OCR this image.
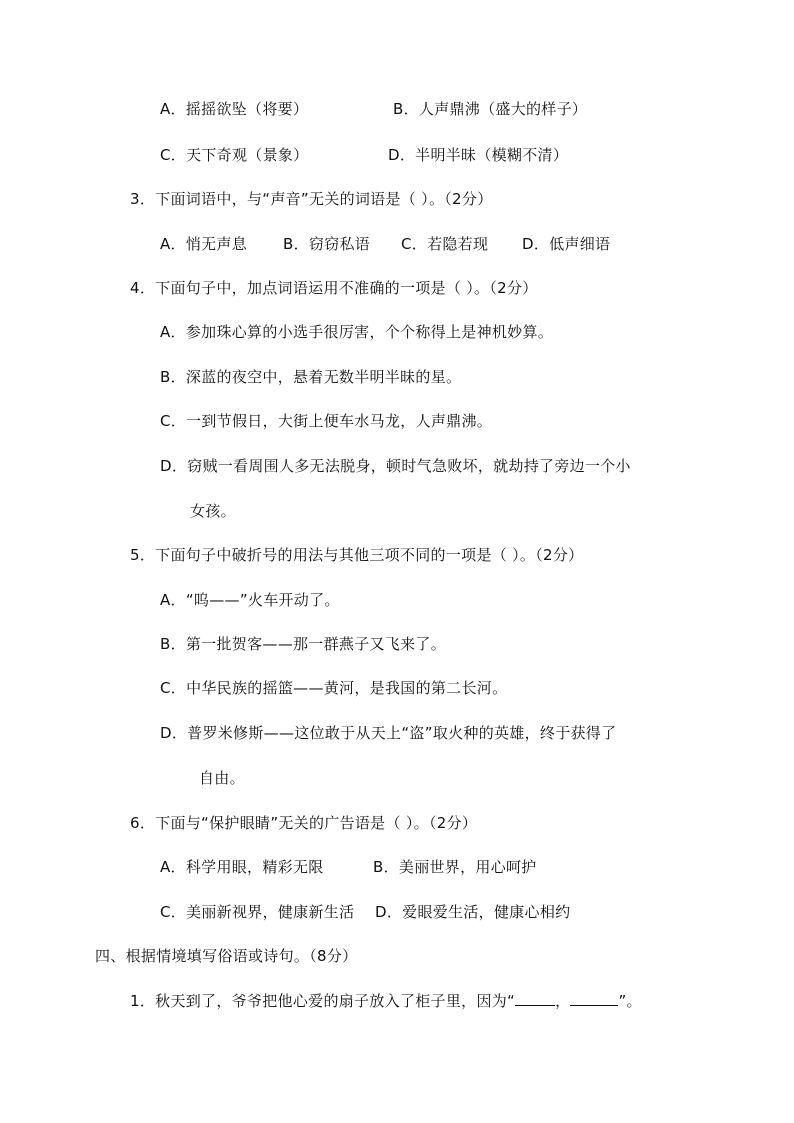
A．摇摇欲坠（将要）	B．人声鼎沸（盛大的样子）
C．天下奇观（景象）	D．半明半昧（模糊不清）
3．下面词语中，与“声音”无关的词语是（ ）。（2分）
A．悄无声息 B．窃窃私语 C．若隐若现 D．低声细语
4．下面句子中，加点词语运用不准确的一项是（ ）。（2分）
A．参加珠心算的小选手很厉害，个个称得上是神机妙算。
B．深蓝的夜空中，悬着无数半明半昧的星。
C．一到节假日，大街上便车水马龙，人声鼎沸。
D．窃贼一看周围人多无法脱身，顿时气急败坏，就劫持了旁边一个小
女孩。
5．下面句子中破折号的用法与其他三项不同的一项是（ ）。（2分）
A．“呜——”火车开动了。
B．第一批贺客——那一群燕子又飞来了。
C．中华民族的摇篮——黄河，是我国的第二长河。
D．普罗米修斯——这位敢于从天上“盗”取火种的英雄，终于获得了
自由。
6．下面与“保护眼睛”无关的广告语是（ ）。（2分）
A．科学用眼，精彩无限	B．美丽世界，用心呵护
C．美丽新视界，健康新生活 D．爱眼爱生活，健康心相约
四、根据情境填写俗语或诗句。（8分）
1．秋天到了，爷爷把他心爱的扇子放入了柜子里，因为“	，	”。
